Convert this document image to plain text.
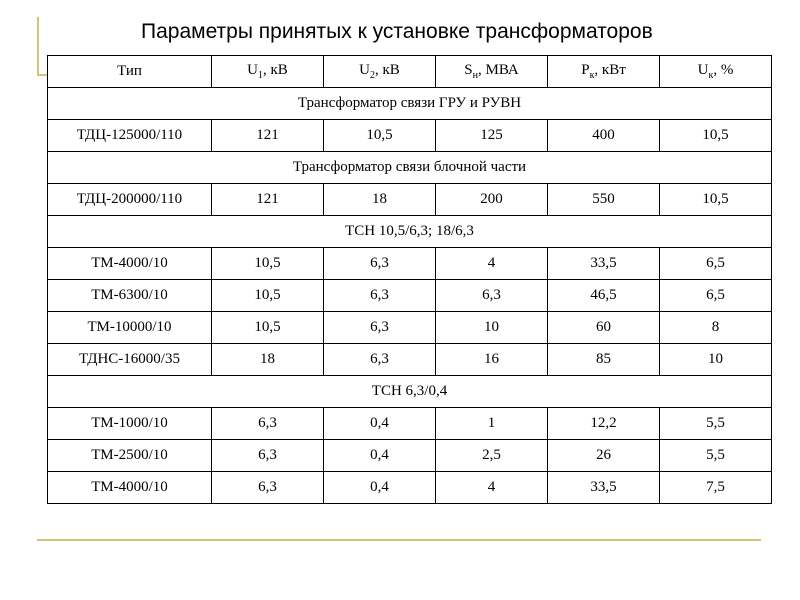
Параметры принятых к установке трансформаторов
Тип	$U_1$, кВ	$U_2$, кВ	$S_н$, МВА	$Р_к$, кВт	$U_к$, %
Трансформатор связи ГРУ и РУВН					
ТДЦ-125000/110	121	10,5	125	400	10,5
Трансформатор связи блочной части					
ТДЦ-200000/110	121	18	200	550	10,5
ТСН 10,5/6,3; 18/6,3					
ТМ-4000/10	10,5	6,3	4	33,5	6,5
ТМ-6300/10	10,5	6,3	6,3	46,5	6,5
ТМ-10000/10	10,5	6,3	10	60	8
ТДНС-16000/35	18	6,3	16	85	10
ТСН 6,3/0,4					
ТМ-1000/10	6,3	0,4	1	12,2	5,5
ТМ-2500/10	6,3	0,4	2,5	26	5,5
ТМ-4000/10	6,3	0,4	4	33,5	7,5
